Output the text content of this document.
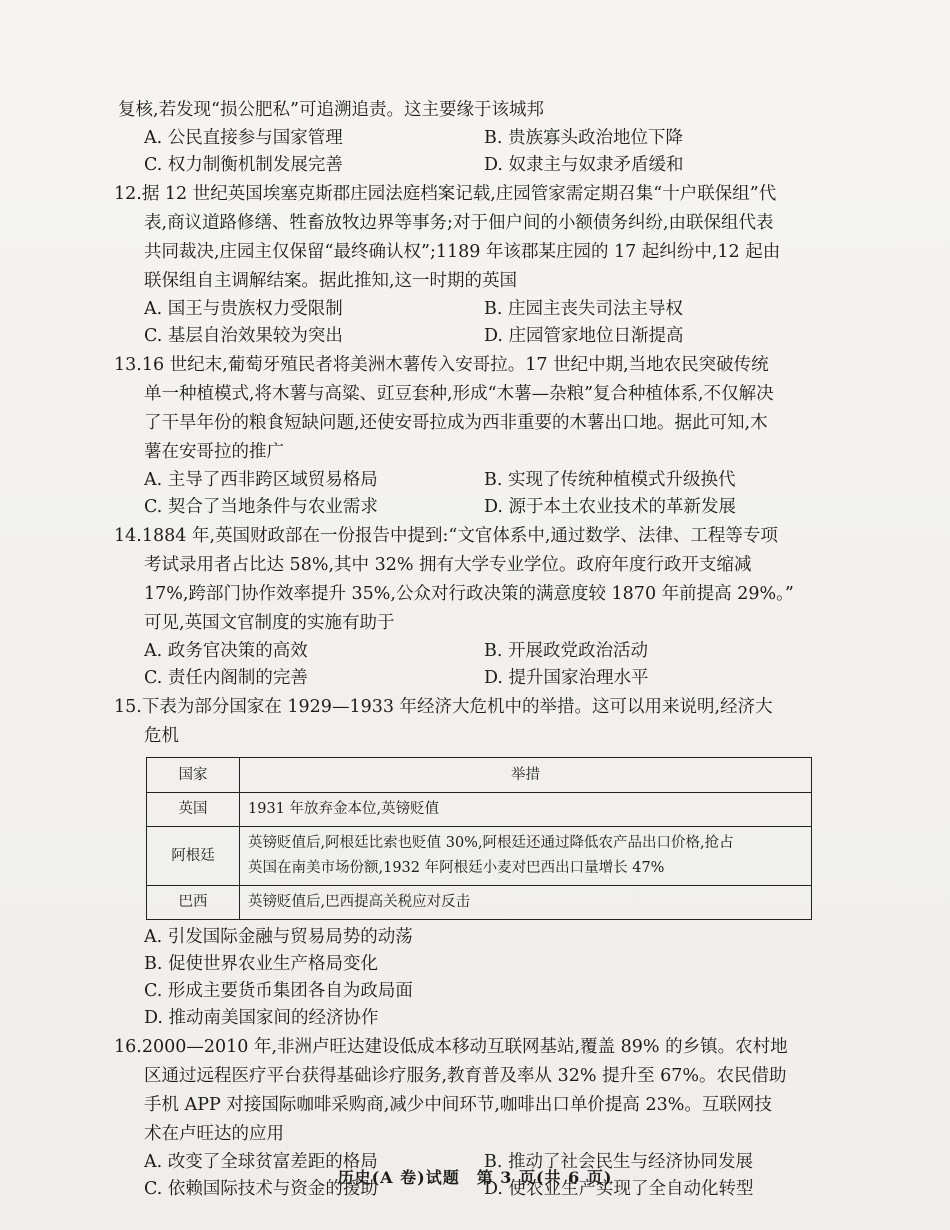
复核,若发现“损公肥私”可追溯追责。这主要缘于该城邦
A. 公民直接参与国家管理	B. 贵族寡头政治地位下降
C. 权力制衡机制发展完善	D. 奴隶主与奴隶矛盾缓和
12.据 12 世纪英国埃塞克斯郡庄园法庭档案记载,庄园管家需定期召集“十户联保组”代
表,商议道路修缮、牲畜放牧边界等事务;对于佃户间的小额债务纠纷,由联保组代表
共同裁决,庄园主仅保留“最终确认权”;1189 年该郡某庄园的 17 起纠纷中,12 起由
联保组自主调解结案。据此推知,这一时期的英国
A. 国王与贵族权力受限制	B. 庄园主丧失司法主导权
C. 基层自治效果较为突出	D. 庄园管家地位日渐提高
13.16 世纪末,葡萄牙殖民者将美洲木薯传入安哥拉。17 世纪中期,当地农民突破传统
单一种植模式,将木薯与高粱、豇豆套种,形成“木薯—杂粮”复合种植体系,不仅解决
了干旱年份的粮食短缺问题,还使安哥拉成为西非重要的木薯出口地。据此可知,木
薯在安哥拉的推广
A. 主导了西非跨区域贸易格局	B. 实现了传统种植模式升级换代
C. 契合了当地条件与农业需求	D. 源于本土农业技术的革新发展
14.1884 年,英国财政部在一份报告中提到:“文官体系中,通过数学、法律、工程等专项
考试录用者占比达 58%,其中 32% 拥有大学专业学位。政府年度行政开支缩减
17%,跨部门协作效率提升 35%,公众对行政决策的满意度较 1870 年前提高 29%。”
可见,英国文官制度的实施有助于
A. 政务官决策的高效	B. 开展政党政治活动
C. 责任内阁制的完善	D. 提升国家治理水平
15.下表为部分国家在 1929—1933 年经济大危机中的举措。这可以用来说明,经济大
危机
国家	举措
英国	1931 年放弃金本位,英镑贬值

阿根廷	英镑贬值后,阿根廷比索也贬值 30%,阿根廷还通过降低农产品出口价格,抢占
英国在南美市场份额,1932 年阿根廷小麦对巴西出口量增长 47%

巴西	英镑贬值后,巴西提高关税应对反击
A. 引发国际金融与贸易局势的动荡
B. 促使世界农业生产格局变化
C. 形成主要货币集团各自为政局面
D. 推动南美国家间的经济协作
16.2000—2010 年,非洲卢旺达建设低成本移动互联网基站,覆盖 89% 的乡镇。农村地
区通过远程医疗平台获得基础诊疗服务,教育普及率从 32% 提升至 67%。农民借助
手机 APP 对接国际咖啡采购商,减少中间环节,咖啡出口单价提高 23%。互联网技
术在卢旺达的应用
A. 改变了全球贫富差距的格局	B. 推动了社会民生与经济协同发展
C. 依赖国际技术与资金的援助	D. 使农业生产实现了全自动化转型
历史(A 卷)试题　第 3 页(共 6 页)
